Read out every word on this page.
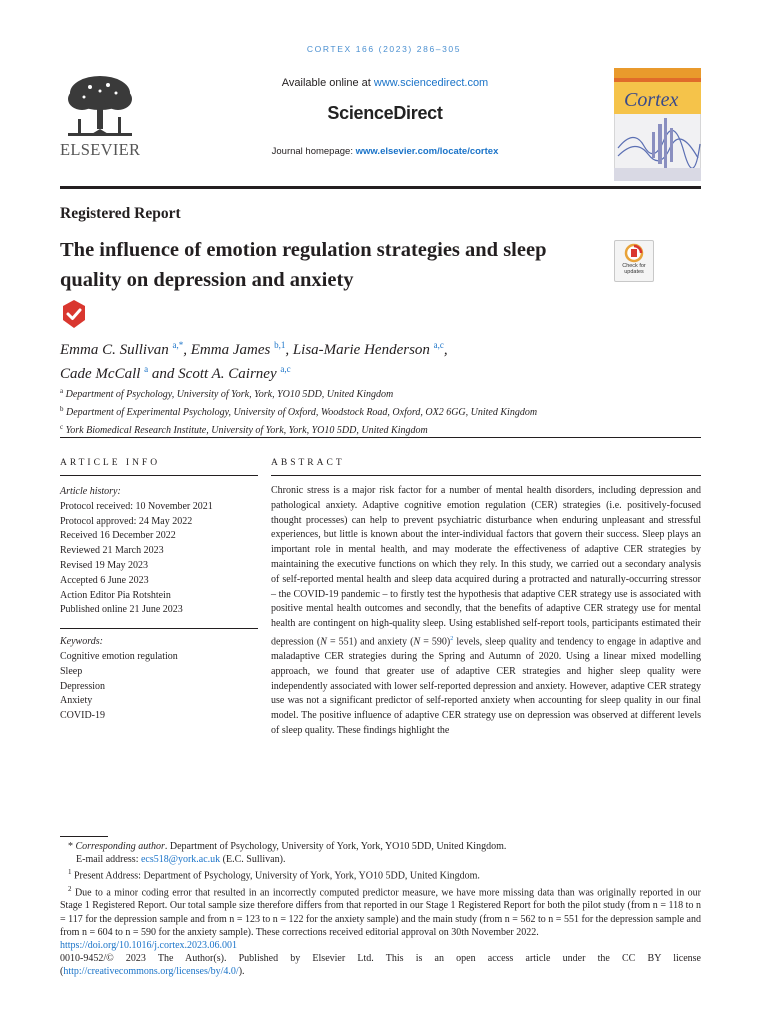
CORTEX 166 (2023) 286–305
ELSEVIER
Available online at www.sciencedirect.com
ScienceDirect
Journal homepage: www.elsevier.com/locate/cortex
Cortex
Registered Report
The influence of emotion regulation strategies and sleep quality on depression and anxiety
Check for updates
Emma C. Sullivan $^{a,*}$, Emma James $^{b,1}$, Lisa-Marie Henderson $^{a,c}$,
Cade McCall $^a$ and Scott A. Cairney $^{a,c}$
$^a$ Department of Psychology, University of York, York, YO10 5DD, United Kingdom
$^b$ Department of Experimental Psychology, University of Oxford, Woodstock Road, Oxford, OX2 6GG, United Kingdom
$^c$ York Biomedical Research Institute, University of York, York, YO10 5DD, United Kingdom
ARTICLE INFO
Article history:
Protocol received: 10 November 2021
Protocol approved: 24 May 2022
Received 16 December 2022
Reviewed 21 March 2023
Revised 19 May 2023
Accepted 6 June 2023
Action Editor Pia Rotshtein
Published online 21 June 2023
Keywords:
Cognitive emotion regulation
Sleep
Depression
Anxiety
COVID-19
ABSTRACT
Chronic stress is a major risk factor for a number of mental health disorders, including depression and pathological anxiety. Adaptive cognitive emotion regulation (CER) strategies (i.e. positively-focused thought processes) can help to prevent psychiatric disturbance when enduring unpleasant and stressful experiences, but little is known about the inter-individual factors that govern their success. Sleep plays an important role in mental health, and may moderate the effectiveness of adaptive CER strategies by maintaining the executive functions on which they rely. In this study, we carried out a secondary analysis of self-reported mental health and sleep data acquired during a protracted and naturally-occurring stressor – the COVID-19 pandemic – to firstly test the hypothesis that adaptive CER strategy use is associated with positive mental health outcomes and secondly, that the benefits of adaptive CER strategy use for mental health are contingent on high-quality sleep. Using established self-report tools, participants estimated their depression (N = 551) and anxiety (N = 590)$^2$ levels, sleep quality and tendency to engage in adaptive and maladaptive CER strategies during the Spring and Autumn of 2020. Using a linear mixed modelling approach, we found that greater use of adaptive CER strategies and higher sleep quality were independently associated with lower self-reported depression and anxiety. However, adaptive CER strategy use was not a significant predictor of self-reported anxiety when accounting for sleep quality in our final model. The positive influence of adaptive CER strategy use on depression was observed at different levels of sleep quality. These findings highlight the
* Corresponding author. Department of Psychology, University of York, York, YO10 5DD, United Kingdom.
E-mail address: ecs518@york.ac.uk (E.C. Sullivan).
$^1$ Present Address: Department of Psychology, University of York, York, YO10 5DD, United Kingdom.
$^2$ Due to a minor coding error that resulted in an incorrectly computed predictor measure, we have more missing data than was originally reported in our Stage 1 Registered Report. Our total sample size therefore differs from that reported in our Stage 1 Registered Report for both the pilot study (from n = 118 to n = 117 for the depression sample and from n = 123 to n = 122 for the anxiety sample) and the main study (from n = 562 to n = 551 for the depression sample and from n = 604 to n = 590 for the anxiety sample). These corrections received editorial approval on 30th November 2022.
https://doi.org/10.1016/j.cortex.2023.06.001
0010-9452/© 2023 The Author(s). Published by Elsevier Ltd. This is an open access article under the CC BY license (http://creativecommons.org/licenses/by/4.0/).
